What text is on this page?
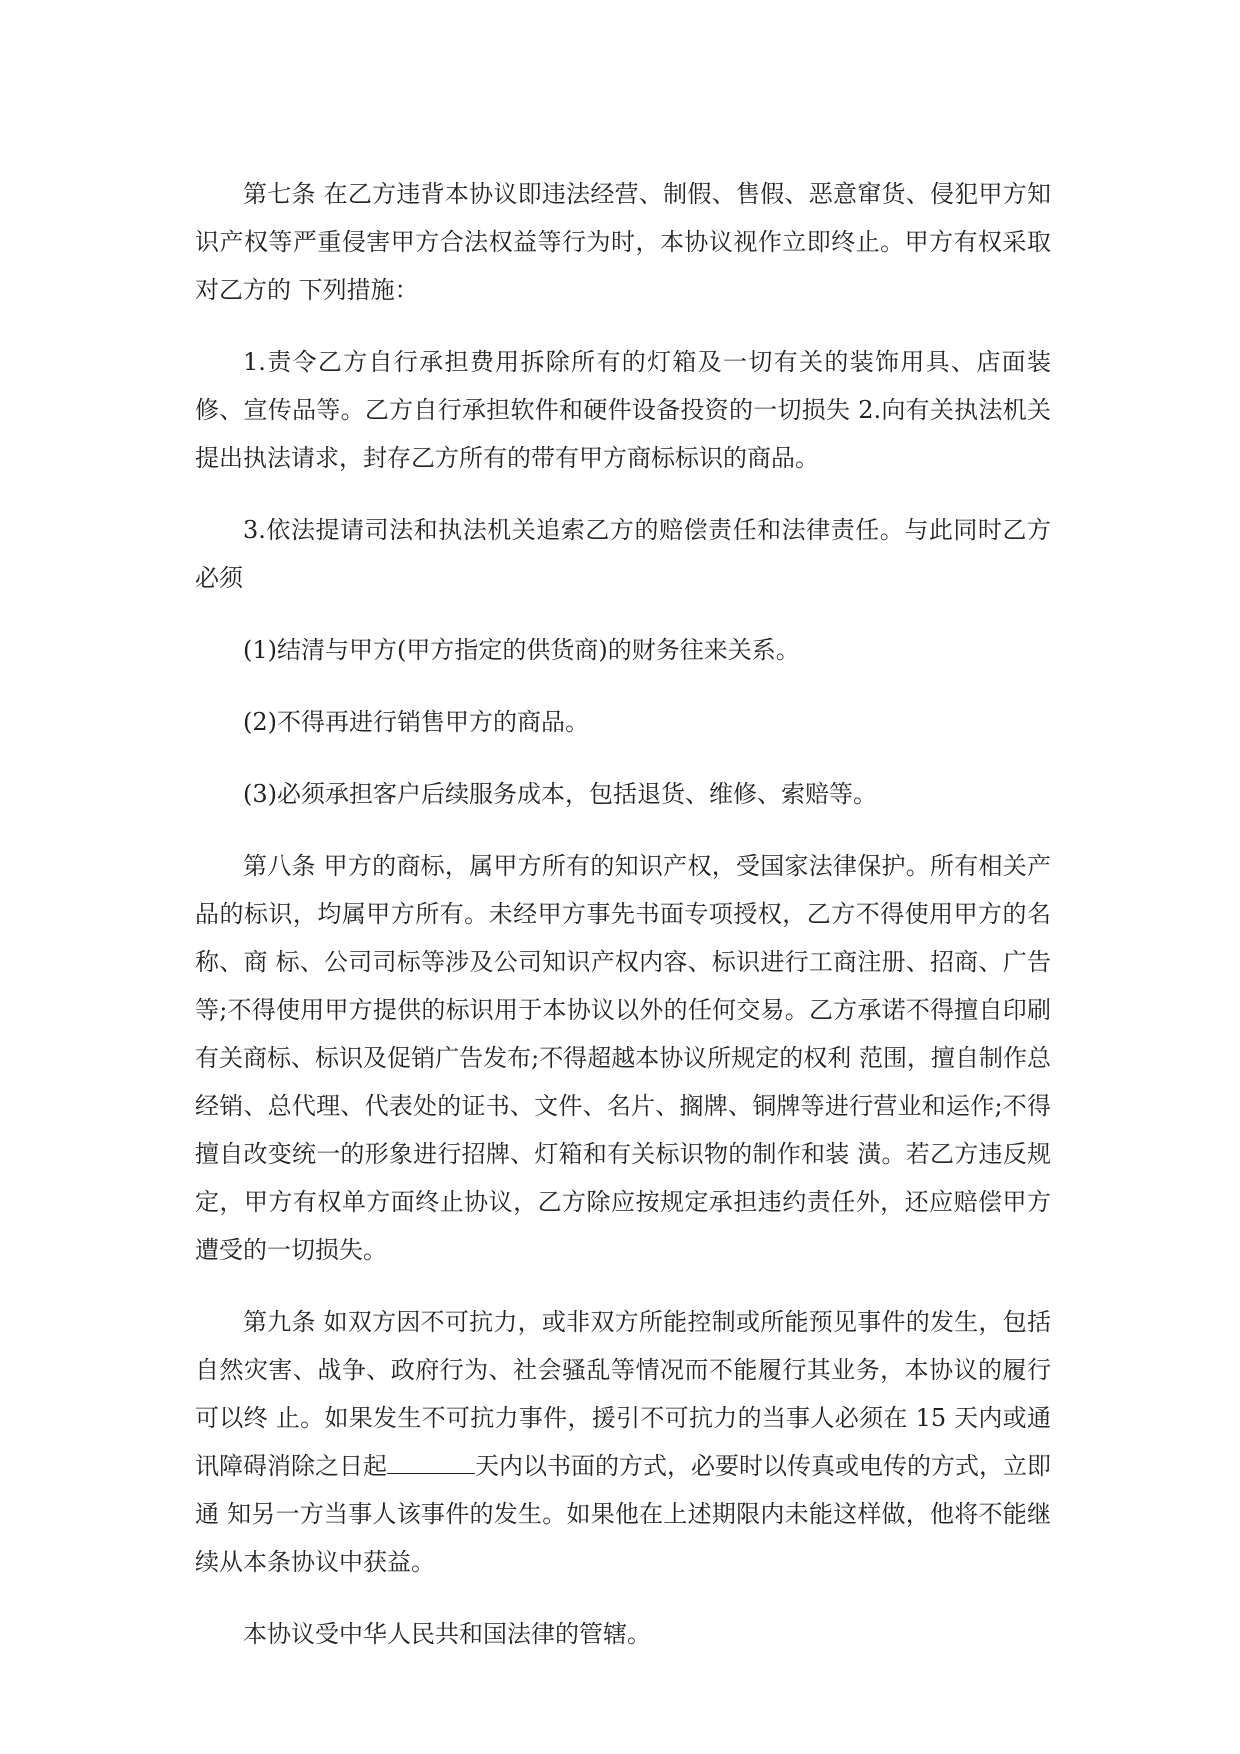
第七条 在乙方违背本协议即违法经营、制假、售假、恶意窜货、侵犯甲方知识产权等严重侵害甲方合法权益等行为时，本协议视作立即终止。甲方有权采取对乙方的 下列措施：

1.责令乙方自行承担费用拆除所有的灯箱及一切有关的装饰用具、店面装修、宣传品等。乙方自行承担软件和硬件设备投资的一切损失 2.向有关执法机关提出执法请求，封存乙方所有的带有甲方商标标识的商品。

3.依法提请司法和执法机关追索乙方的赔偿责任和法律责任。与此同时乙方必须

(1)结清与甲方(甲方指定的供货商)的财务往来关系。

(2)不得再进行销售甲方的商品。

(3)必须承担客户后续服务成本，包括退货、维修、索赔等。

第八条 甲方的商标，属甲方所有的知识产权，受国家法律保护。所有相关产品的标识，均属甲方所有。未经甲方事先书面专项授权，乙方不得使用甲方的名称、商 标、公司司标等涉及公司知识产权内容、标识进行工商注册、招商、广告等;不得使用甲方提供的标识用于本协议以外的任何交易。乙方承诺不得擅自印刷有关商标、标识及促销广告发布;不得超越本协议所规定的权利 范围，擅自制作总经销、总代理、代表处的证书、文件、名片、搁牌、铜牌等进行营业和运作;不得擅自改变统一的形象进行招牌、灯箱和有关标识物的制作和装 潢。若乙方违反规定，甲方有权单方面终止协议，乙方除应按规定承担违约责任外，还应赔偿甲方遭受的一切损失。

第九条 如双方因不可抗力，或非双方所能控制或所能预见事件的发生，包括自然灾害、战争、政府行为、社会骚乱等情况而不能履行其业务，本协议的履行可以终 止。如果发生不可抗力事件，援引不可抗力的当事人必须在 15 天内或通讯障碍消除之日起	天内以书面的方式，必要时以传真或电传的方式，立即通 知另一方当事人该事件的发生。如果他在上述期限内未能这样做，他将不能继续从本条协议中获益。

本协议受中华人民共和国法律的管辖。
